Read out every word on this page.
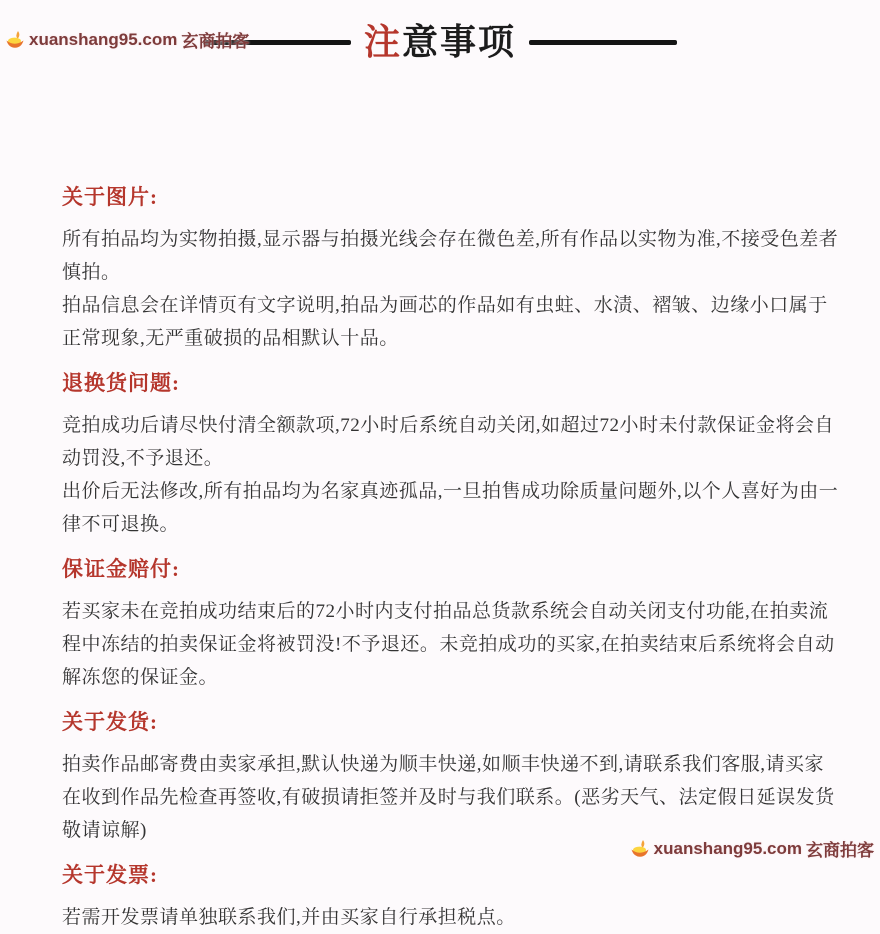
xuanshang95.com 玄商拍客	注意事项
关于图片:

所有拍品均为实物拍摄,显示器与拍摄光线会存在微色差,所有作品以实物为准,不接受色差者慎拍。

拍品信息会在详情页有文字说明,拍品为画芯的作品如有虫蛀、水渍、褶皱、边缘小口属于正常现象,无严重破损的品相默认十品。

退换货问题:

竞拍成功后请尽快付清全额款项,72小时后系统自动关闭,如超过72小时未付款保证金将会自动罚没,不予退还。

出价后无法修改,所有拍品均为名家真迹孤品,一旦拍售成功除质量问题外,以个人喜好为由一律不可退换。

保证金赔付:

若买家未在竞拍成功结束后的72小时内支付拍品总货款系统会自动关闭支付功能,在拍卖流程中冻结的拍卖保证金将被罚没!不予退还。未竞拍成功的买家,在拍卖结束后系统将会自动解冻您的保证金。

关于发货:

拍卖作品邮寄费由卖家承担,默认快递为顺丰快递,如顺丰快递不到,请联系我们客服,请买家在收到作品先检查再签收,有破损请拒签并及时与我们联系。(恶劣天气、法定假日延误发货敬请谅解)

关于发票:

若需开发票请单独联系我们,并由买家自行承担税点。

xuanshang95.com 玄商拍客
